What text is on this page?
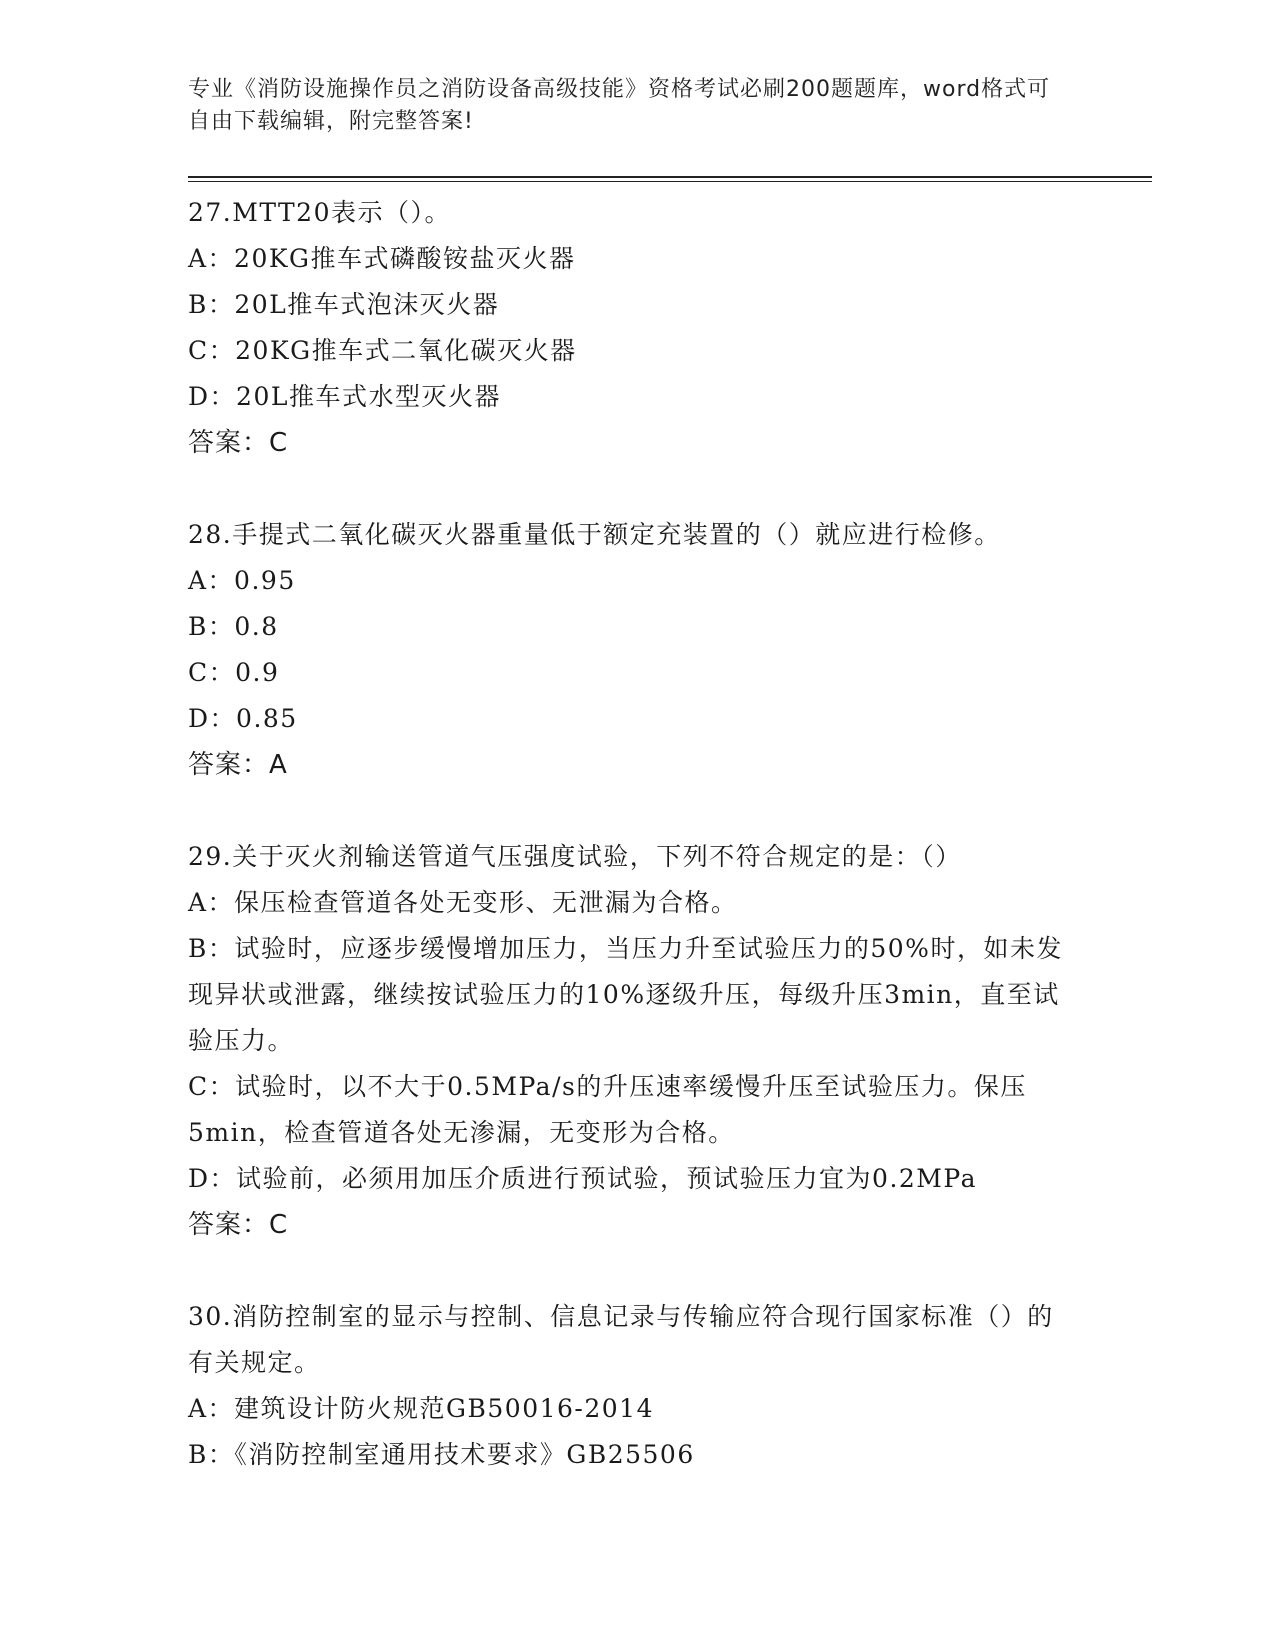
专业《消防设施操作员之消防设备高级技能》资格考试必刷200题题库，word格式可自由下载编辑，附完整答案!
27.MTT20表示（）。
A：20KG推车式磷酸铵盐灭火器
B：20L推车式泡沫灭火器
C：20KG推车式二氧化碳灭火器
D：20L推车式水型灭火器
答案：C
28.手提式二氧化碳灭火器重量低于额定充装置的（）就应进行检修。
A：0.95
B：0.8
C：0.9
D：0.85
答案：A
29.关于灭火剂输送管道气压强度试验，下列不符合规定的是：（）
A：保压检查管道各处无变形、无泄漏为合格。
B：试验时，应逐步缓慢增加压力，当压力升至试验压力的50%时，如未发现异状或泄露，继续按试验压力的10%逐级升压，每级升压3min，直至试验压力。
C：试验时，以不大于0.5MPa/s的升压速率缓慢升压至试验压力。保压5min，检查管道各处无渗漏，无变形为合格。
D：试验前，必须用加压介质进行预试验，预试验压力宜为0.2MPa
答案：C
30.消防控制室的显示与控制、信息记录与传输应符合现行国家标准（）的有关规定。
A：建筑设计防火规范GB50016-2014
B：《消防控制室通用技术要求》GB25506
